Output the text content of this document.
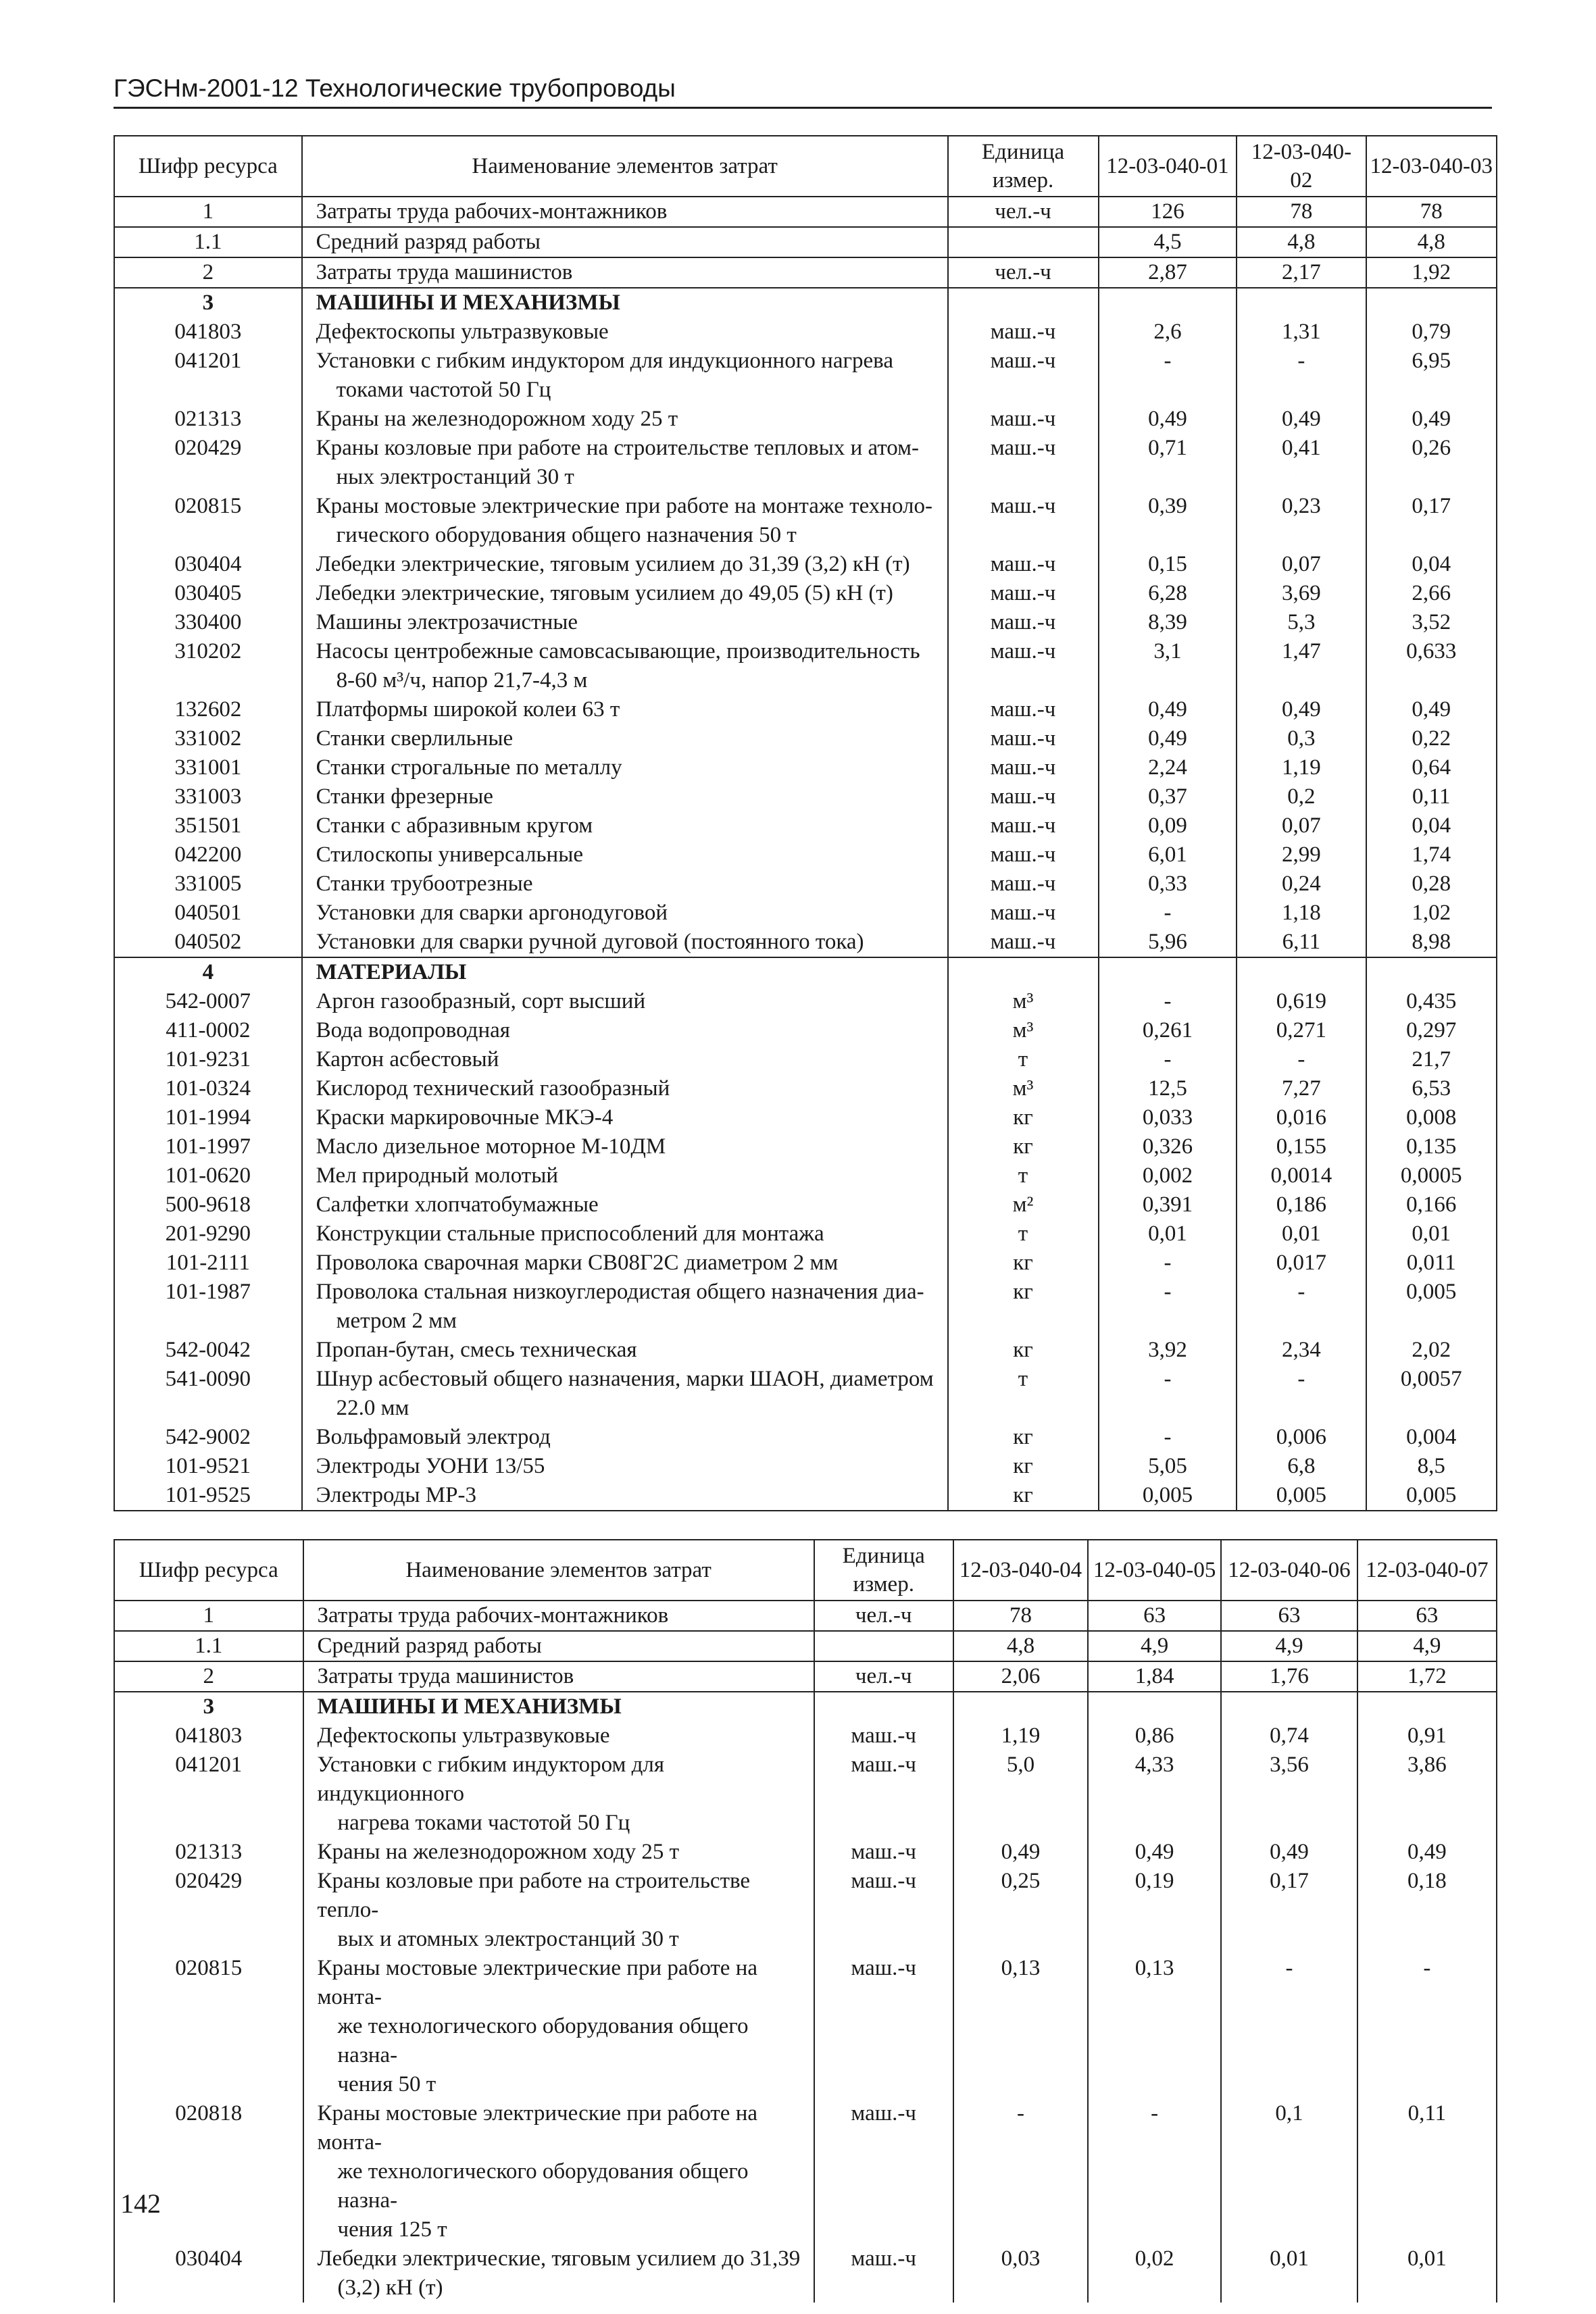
ГЭСНм-2001-12 Технологические трубопроводы
Шифр ресурса	Наименование элементов затрат	Единица измер.	12-03-040-01	12-03-040-02	12-03-040-03
1	Затраты труда рабочих-монтажников	чел.-ч	126	78	78
1.1	Средний разряд работы		4,5	4,8	4,8
2	Затраты труда машинистов	чел.-ч	2,87	2,17	1,92
3	МАШИНЫ И МЕХАНИЗМЫ				
041803	Дефектоскопы ультразвуковые	маш.-ч	2,6	1,31	0,79
041201	Установки с гибким индуктором для индукционного нагрева
токами частотой 50 Гц	маш.-ч	-	-	6,95
021313	Краны на железнодорожном ходу 25 т	маш.-ч	0,49	0,49	0,49
020429	Краны козловые при работе на строительстве тепловых и атом-
ных электростанций 30 т	маш.-ч	0,71	0,41	0,26
020815	Краны мостовые электрические при работе на монтаже техноло-
гического оборудования общего назначения 50 т	маш.-ч	0,39	0,23	0,17
030404	Лебедки электрические, тяговым усилием до 31,39 (3,2) кН (т)	маш.-ч	0,15	0,07	0,04
030405	Лебедки электрические, тяговым усилием до 49,05 (5) кН (т)	маш.-ч	6,28	3,69	2,66
330400	Машины электрозачистные	маш.-ч	8,39	5,3	3,52
310202	Насосы центробежные самовсасывающие, производительность
8-60 м³/ч, напор 21,7-4,3 м	маш.-ч	3,1	1,47	0,633
132602	Платформы широкой колеи 63 т	маш.-ч	0,49	0,49	0,49
331002	Станки сверлильные	маш.-ч	0,49	0,3	0,22
331001	Станки строгальные по металлу	маш.-ч	2,24	1,19	0,64
331003	Станки фрезерные	маш.-ч	0,37	0,2	0,11
351501	Станки с абразивным кругом	маш.-ч	0,09	0,07	0,04
042200	Стилоскопы универсальные	маш.-ч	6,01	2,99	1,74
331005	Станки трубоотрезные	маш.-ч	0,33	0,24	0,28
040501	Установки для сварки аргонодуговой	маш.-ч	-	1,18	1,02
040502	Установки для сварки ручной дуговой (постоянного тока)	маш.-ч	5,96	6,11	8,98
4	МАТЕРИАЛЫ				
542-0007	Аргон газообразный, сорт высший	м³	-	0,619	0,435
411-0002	Вода водопроводная	м³	0,261	0,271	0,297
101-9231	Картон асбестовый	т	-	-	21,7
101-0324	Кислород технический газообразный	м³	12,5	7,27	6,53
101-1994	Краски маркировочные МКЭ-4	кг	0,033	0,016	0,008
101-1997	Масло дизельное моторное М-10ДМ	кг	0,326	0,155	0,135
101-0620	Мел природный молотый	т	0,002	0,0014	0,0005
500-9618	Салфетки хлопчатобумажные	м²	0,391	0,186	0,166
201-9290	Конструкции стальные приспособлений для монтажа	т	0,01	0,01	0,01
101-2111	Проволока сварочная марки СВ08Г2С диаметром 2 мм	кг	-	0,017	0,011
101-1987	Проволока стальная низкоуглеродистая общего назначения диа-
метром 2 мм	кг	-	-	0,005
542-0042	Пропан-бутан, смесь техническая	кг	3,92	2,34	2,02
541-0090	Шнур асбестовый общего назначения, марки ШАОН, диаметром
22.0 мм	т	-	-	0,0057
542-9002	Вольфрамовый электрод	кг	-	0,006	0,004
101-9521	Электроды УОНИ 13/55	кг	5,05	6,8	8,5
101-9525	Электроды МР-3	кг	0,005	0,005	0,005
Шифр ресурса	Наименование элементов затрат	Единица измер.	12-03-040-04	12-03-040-05	12-03-040-06	12-03-040-07
1	Затраты труда рабочих-монтажников	чел.-ч	78	63	63	63
1.1	Средний разряд работы		4,8	4,9	4,9	4,9
2	Затраты труда машинистов	чел.-ч	2,06	1,84	1,76	1,72
3	МАШИНЫ И МЕХАНИЗМЫ					
041803	Дефектоскопы ультразвуковые	маш.-ч	1,19	0,86	0,74	0,91
041201	Установки с гибким индуктором для индукционного
нагрева токами частотой 50 Гц	маш.-ч	5,0	4,33	3,56	3,86
021313	Краны на железнодорожном ходу 25 т	маш.-ч	0,49	0,49	0,49	0,49
020429	Краны козловые при работе на строительстве тепло-
вых и атомных электростанций 30 т	маш.-ч	0,25	0,19	0,17	0,18
020815	Краны мостовые электрические при работе на монта-
же технологического оборудования общего назна-
чения 50 т	маш.-ч	0,13	0,13	-	-
020818	Краны мостовые электрические при работе на монта-
же технологического оборудования общего назна-
чения 125 т	маш.-ч	-	-	0,1	0,11
030404	Лебедки электрические, тяговым усилием до 31,39
(3,2) кН (т)	маш.-ч	0,03	0,02	0,01	0,01
142
